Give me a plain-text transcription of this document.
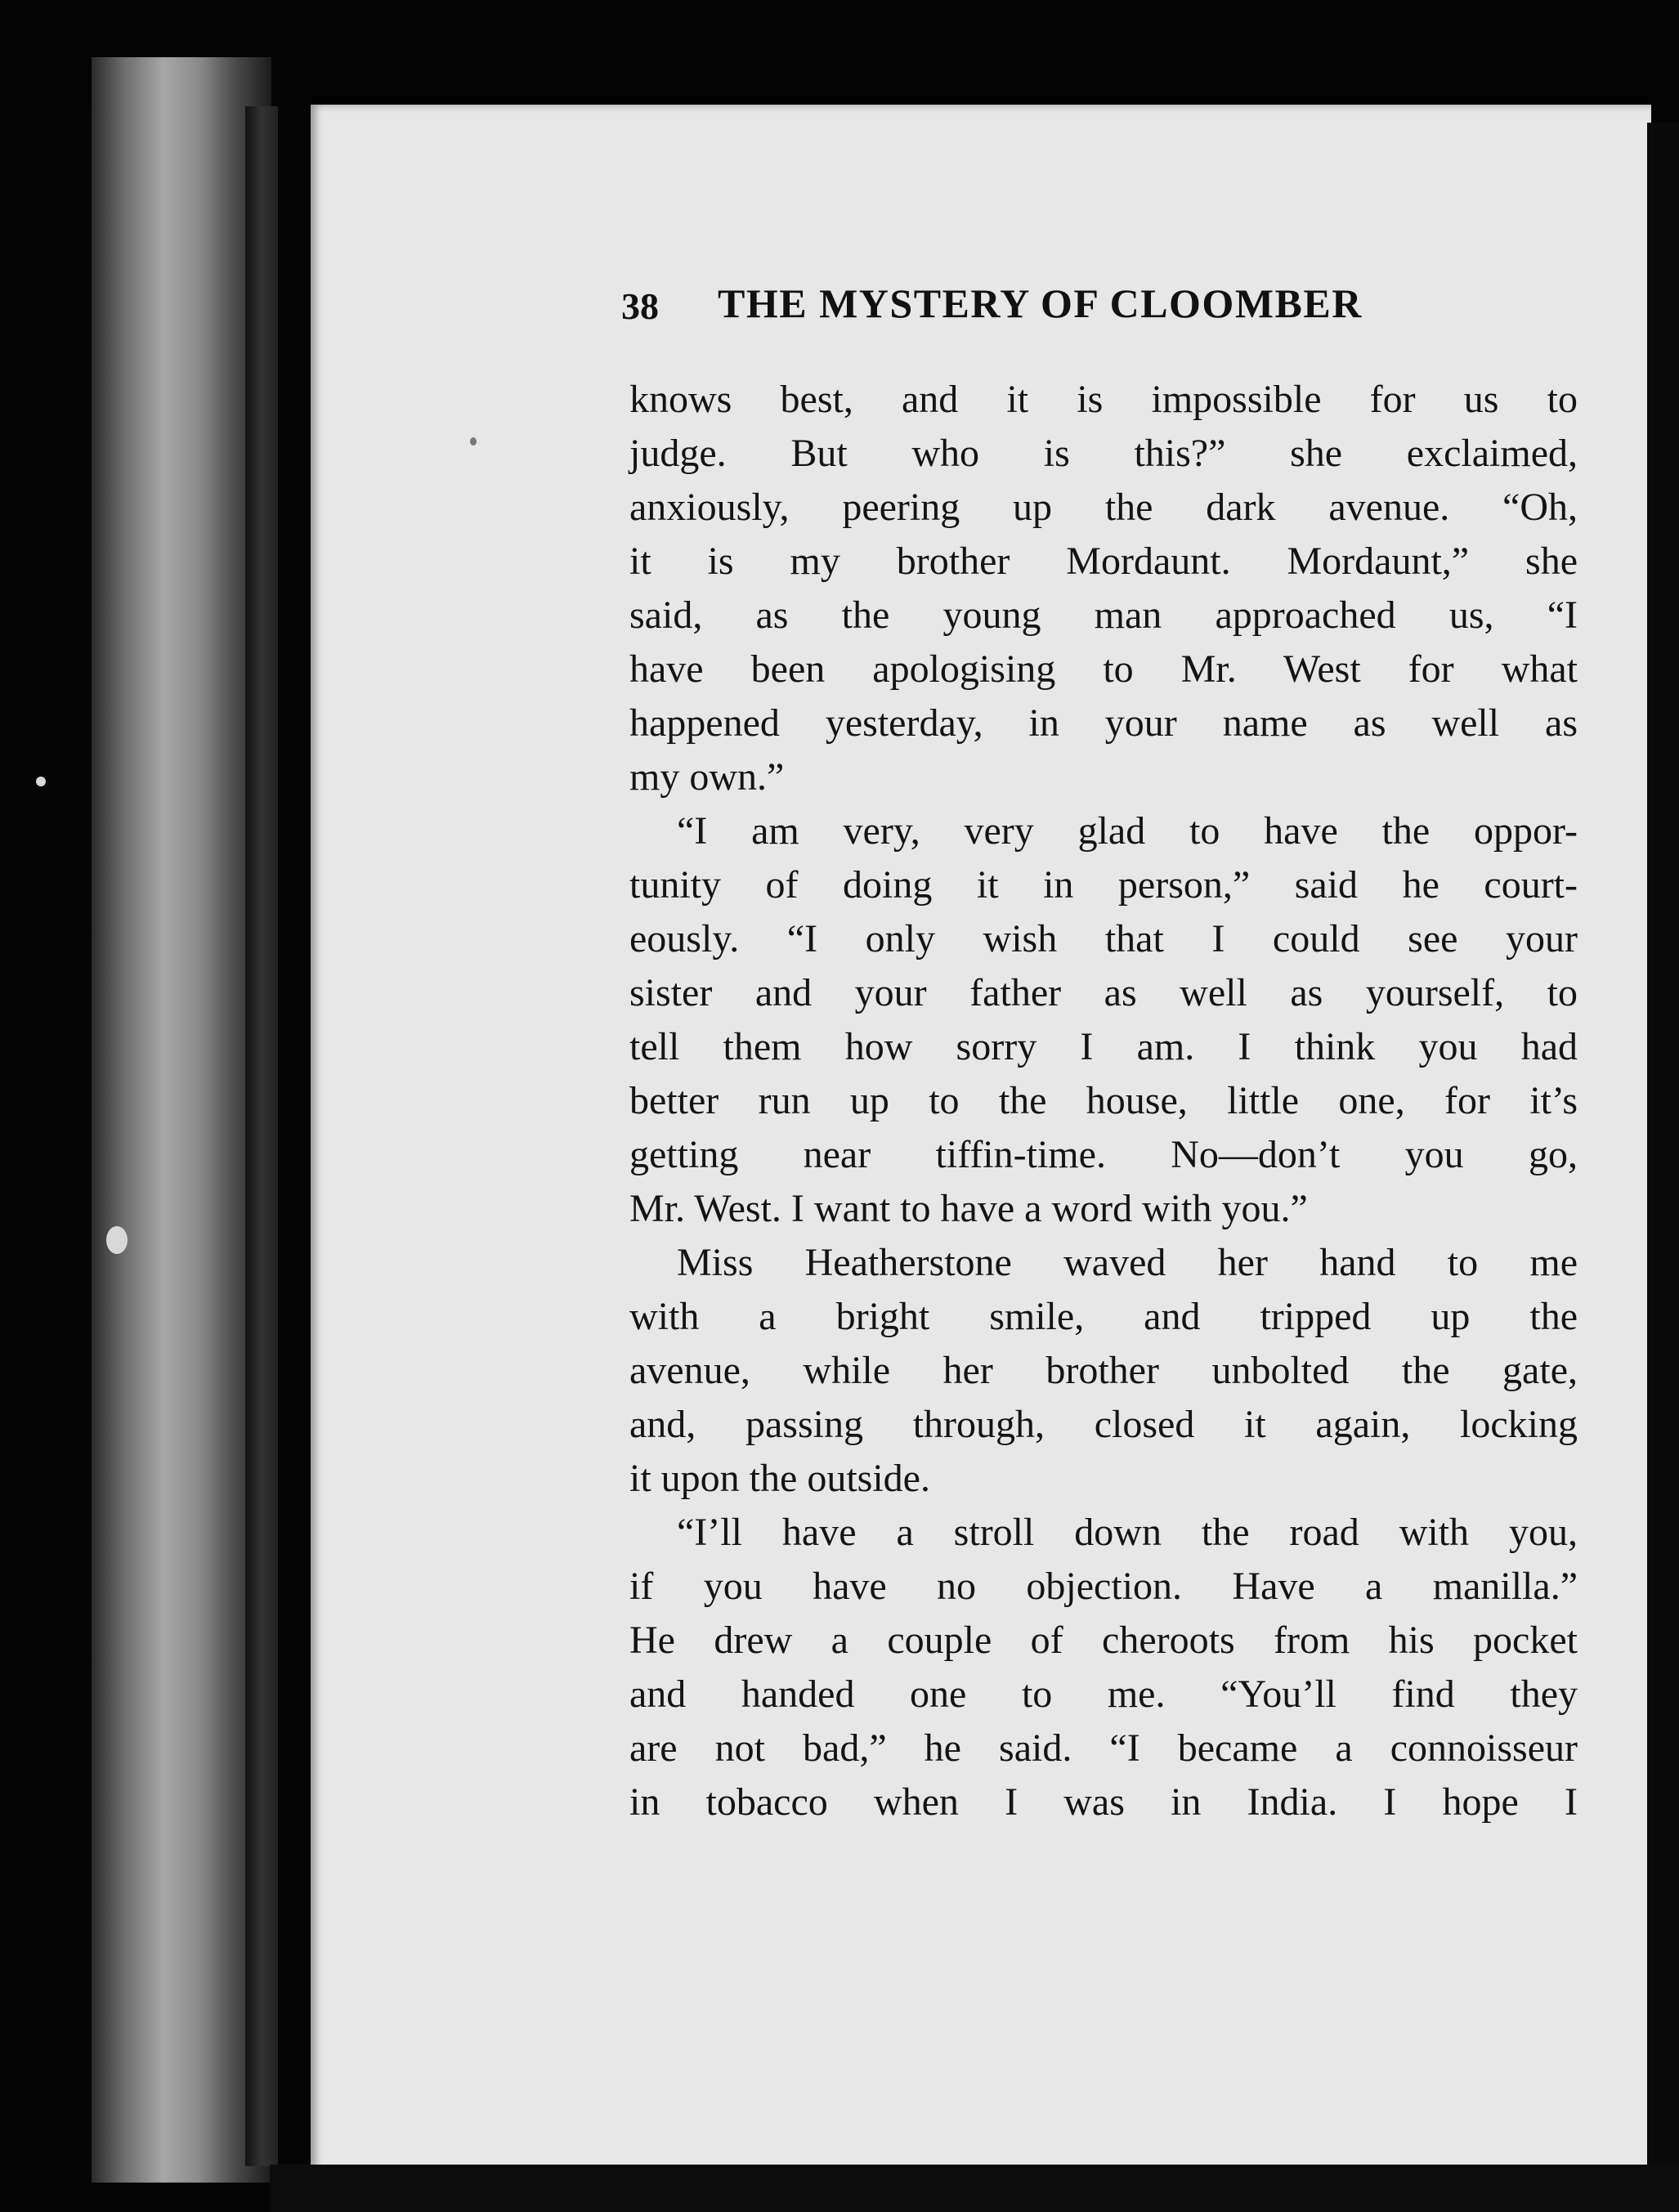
38 THE MYSTERY OF CLOOMBER
knows best, and it is impossible for us to
judge. But who is this?” she exclaimed,
anxiously, peering up the dark avenue. “Oh,
it is my brother Mordaunt. Mordaunt,” she
said, as the young man approached us, “I
have been apologising to Mr. West for what
happened yesterday, in your name as well as
my own.”
“I am very, very glad to have the oppor-
tunity of doing it in person,” said he court-
eously. “I only wish that I could see your
sister and your father as well as yourself, to
tell them how sorry I am. I think you had
better run up to the house, little one, for it’s
getting near tiffin-time. No—don’t you go,
Mr. West. I want to have a word with you.”
Miss Heatherstone waved her hand to me
with a bright smile, and tripped up the
avenue, while her brother unbolted the gate,
and, passing through, closed it again, locking
it upon the outside.
“I’ll have a stroll down the road with you,
if you have no objection. Have a manilla.”
He drew a couple of cheroots from his pocket
and handed one to me. “You’ll find they
are not bad,” he said. “I became a connoisseur
in tobacco when I was in India. I hope I
